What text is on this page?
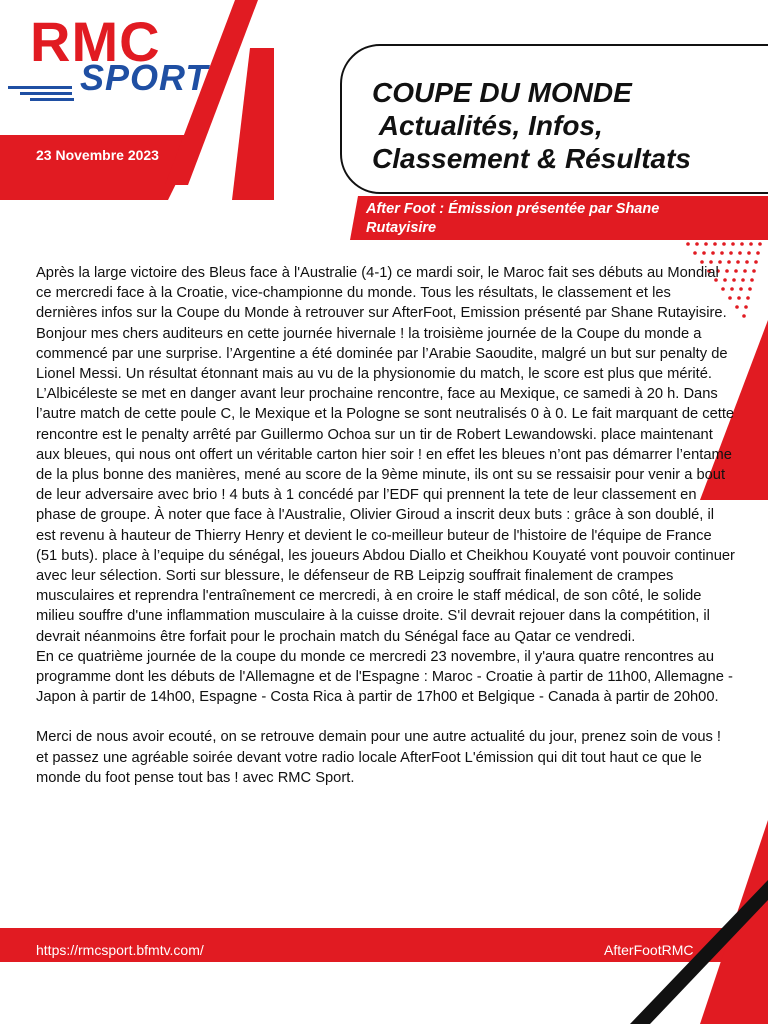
RMC
SPORT
23 Novembre 2023
COUPE DU MONDE
Actualités, Infos,
Classement & Résultats
After Foot : Émission présentée par Shane Rutayisire

Après la large victoire des Bleus face à l'Australie (4-1) ce mardi soir, le Maroc fait ses débuts au Mondial ce mercredi face à la Croatie, vice-championne du monde. Tous les résultats, le classement et les dernières infos sur la Coupe du Monde à retrouver sur AfterFoot, Emission présenté par Shane Rutayisire.

Bonjour mes chers auditeurs en cette journée hivernale ! la troisième journée de la Coupe du monde a commencé par une surprise. l’Argentine a été dominée par l’Arabie Saoudite, malgré un but sur penalty de Lionel Messi. Un résultat étonnant mais au vu de la physionomie du match, le score est plus que mérité. L’Albicéleste se met en danger avant leur prochaine rencontre, face au Mexique, ce samedi à 20 h. Dans l’autre match de cette poule C, le Mexique et la Pologne se sont neutralisés 0 à 0. Le fait marquant de cette rencontre est le penalty arrêté par Guillermo Ochoa sur un tir de Robert Lewandowski. place maintenant aux bleues, qui nous ont offert un véritable carton hier soir ! en effet les bleues n’ont pas démarrer l’entame de la plus bonne des manières, mené au score de la 9ème minute, ils ont su se ressaisir pour venir a bout de leur adversaire avec brio ! 4 buts à 1 concédé par l’EDF qui prennent la tete de leur classement en phase de groupe. À noter que face à l'Australie, Olivier Giroud a inscrit deux buts : grâce à son doublé, il est revenu à hauteur de Thierry Henry et devient le co-meilleur buteur de l'histoire de l'équipe de France (51 buts). place à l’equipe du sénégal, les joueurs Abdou Diallo et Cheikhou Kouyaté vont pouvoir continuer avec leur sélection. Sorti sur blessure, le défenseur de RB Leipzig souffrait finalement de crampes musculaires et reprendra l'entraînement ce mercredi, à en croire le staff médical, de son côté, le solide milieu souffre d'une inflammation musculaire à la cuisse droite. S'il devrait rejouer dans la compétition, il devrait néanmoins être forfait pour le prochain match du Sénégal face au Qatar ce vendredi.

En ce quatrième journée de la coupe du monde ce mercredi 23 novembre, il y'aura quatre rencontres au programme dont les débuts de l'Allemagne et de l'Espagne : Maroc - Croatie à partir de 11h00, Allemagne - Japon à partir de 14h00, Espagne - Costa Rica à partir de 17h00 et Belgique - Canada à partir de 20h00.

Merci de nous avoir ecouté, on se retrouve demain pour une autre actualité du jour, prenez soin de vous ! et passez une agréable soirée devant votre radio locale AfterFoot L'émission qui dit tout haut ce que le monde du foot pense tout bas ! avec RMC Sport.

https://rmcsport.bfmtv.com/	AfterFootRMC
